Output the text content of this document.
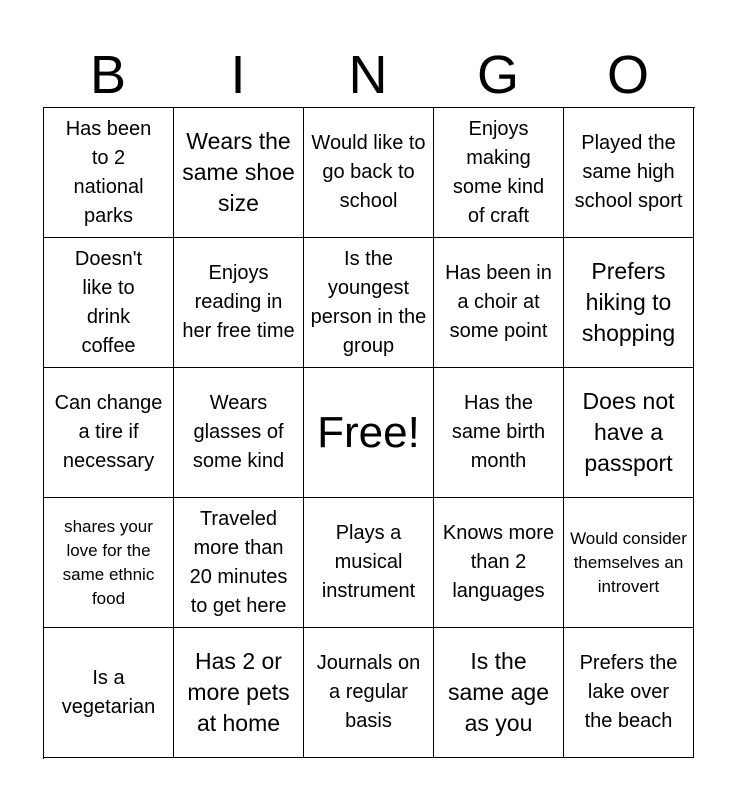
B	I	N	G	O
Has been to 2 national parks
Wears the same shoe size
Would like to go back to school
Enjoys making some kind of craft
Played the same high school sport
Doesn't like to drink coffee
Enjoys reading in her free time
Is the youngest person in the group
Has been in a choir at some point
Prefers hiking to shopping
Can change a tire if necessary
Wears glasses of some kind
Free!
Has the same birth month
Does not have a passport
shares your love for the same ethnic food
Traveled more than 20 minutes to get here
Plays a musical instrument
Knows more than 2 languages
Would consider themselves an introvert
Is a vegetarian
Has 2 or more pets at home
Journals on a regular basis
Is the same age as you
Prefers the lake over the beach
